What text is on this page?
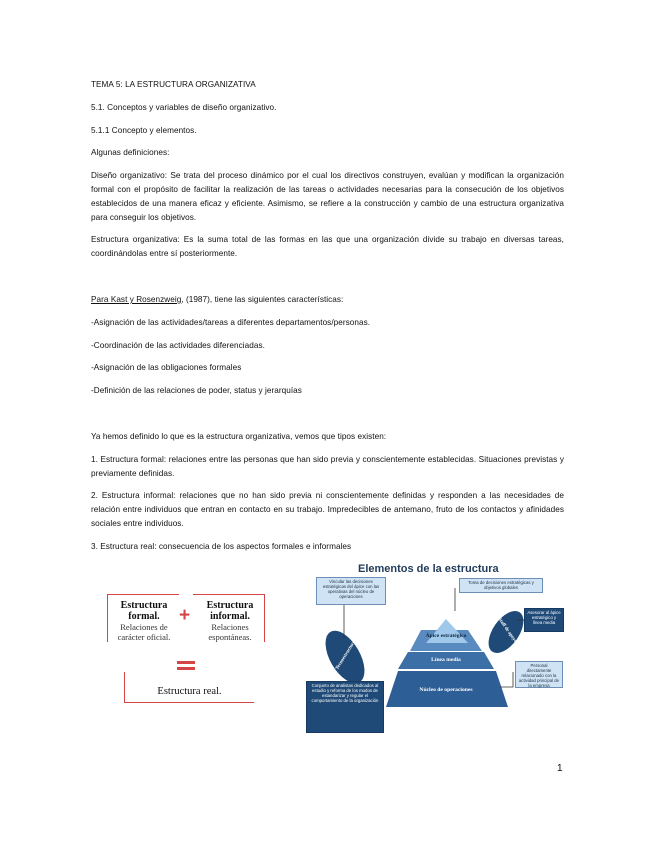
TEMA 5: LA ESTRUCTURA ORGANIZATIVA

5.1. Conceptos y variables de diseño organizativo.

5.1.1 Concepto y elementos.

Algunas definiciones:

Diseño organizativo: Se trata del proceso dinámico por el cual los directivos construyen, evalúan y modifican la organización formal con el propósito de facilitar la realización de las tareas o actividades necesarias para la consecución de los objetivos establecidos de una manera eficaz y eficiente. Asimismo, se refiere a la construcción y cambio de una estructura organizativa para conseguir los objetivos.

Estructura organizativa: Es la suma total de las formas en las que una organización divide su trabajo en diversas tareas, coordinándolas entre sí posteriormente.

Para Kast y Rosenzweig, (1987), tiene las siguientes características:

-Asignación de las actividades/tareas a diferentes departamentos/personas.

-Coordinación de las actividades diferenciadas.

-Asignación de las obligaciones formales

-Definición de las relaciones de poder, status y jerarquías

Ya hemos definido lo que es la estructura organizativa, vemos que tipos existen:

1. Estructura formal: relaciones entre las personas que han sido previa y conscientemente establecidas. Situaciones previstas y previamente definidas.

2. Estructura informal: relaciones que no han sido previa ni conscientemente definidas y responden a las necesidades de relación entre individuos que entran en contacto en su trabajo. Impredecibles de antemano, fruto de los contactos y afinidades sociales entre individuos.

3. Estructura real: consecuencia de los aspectos formales e informales

Estructura formal.
Relaciones de carácter oficial.
Estructura informal.
Relaciones espontáneas.
+
Estructura real.
Elementos de la estructura
Vincular las decisiones estratégicas del ápice con las operativas del núcleo de operaciones
Toma de decisiones estratégicas y objetivos globales
Asesorar al ápice estratégico y línea media
Personal directamente relacionado con la actividad principal de la empresa
Conjunto de analistas dedicados al estudio y reforma de los modos de estandarizar y regular el comportamiento de la organización
Ápice estratégico
Línea media
Núcleo de operaciones
Tecnoestructura
Staff de apoyo
1
